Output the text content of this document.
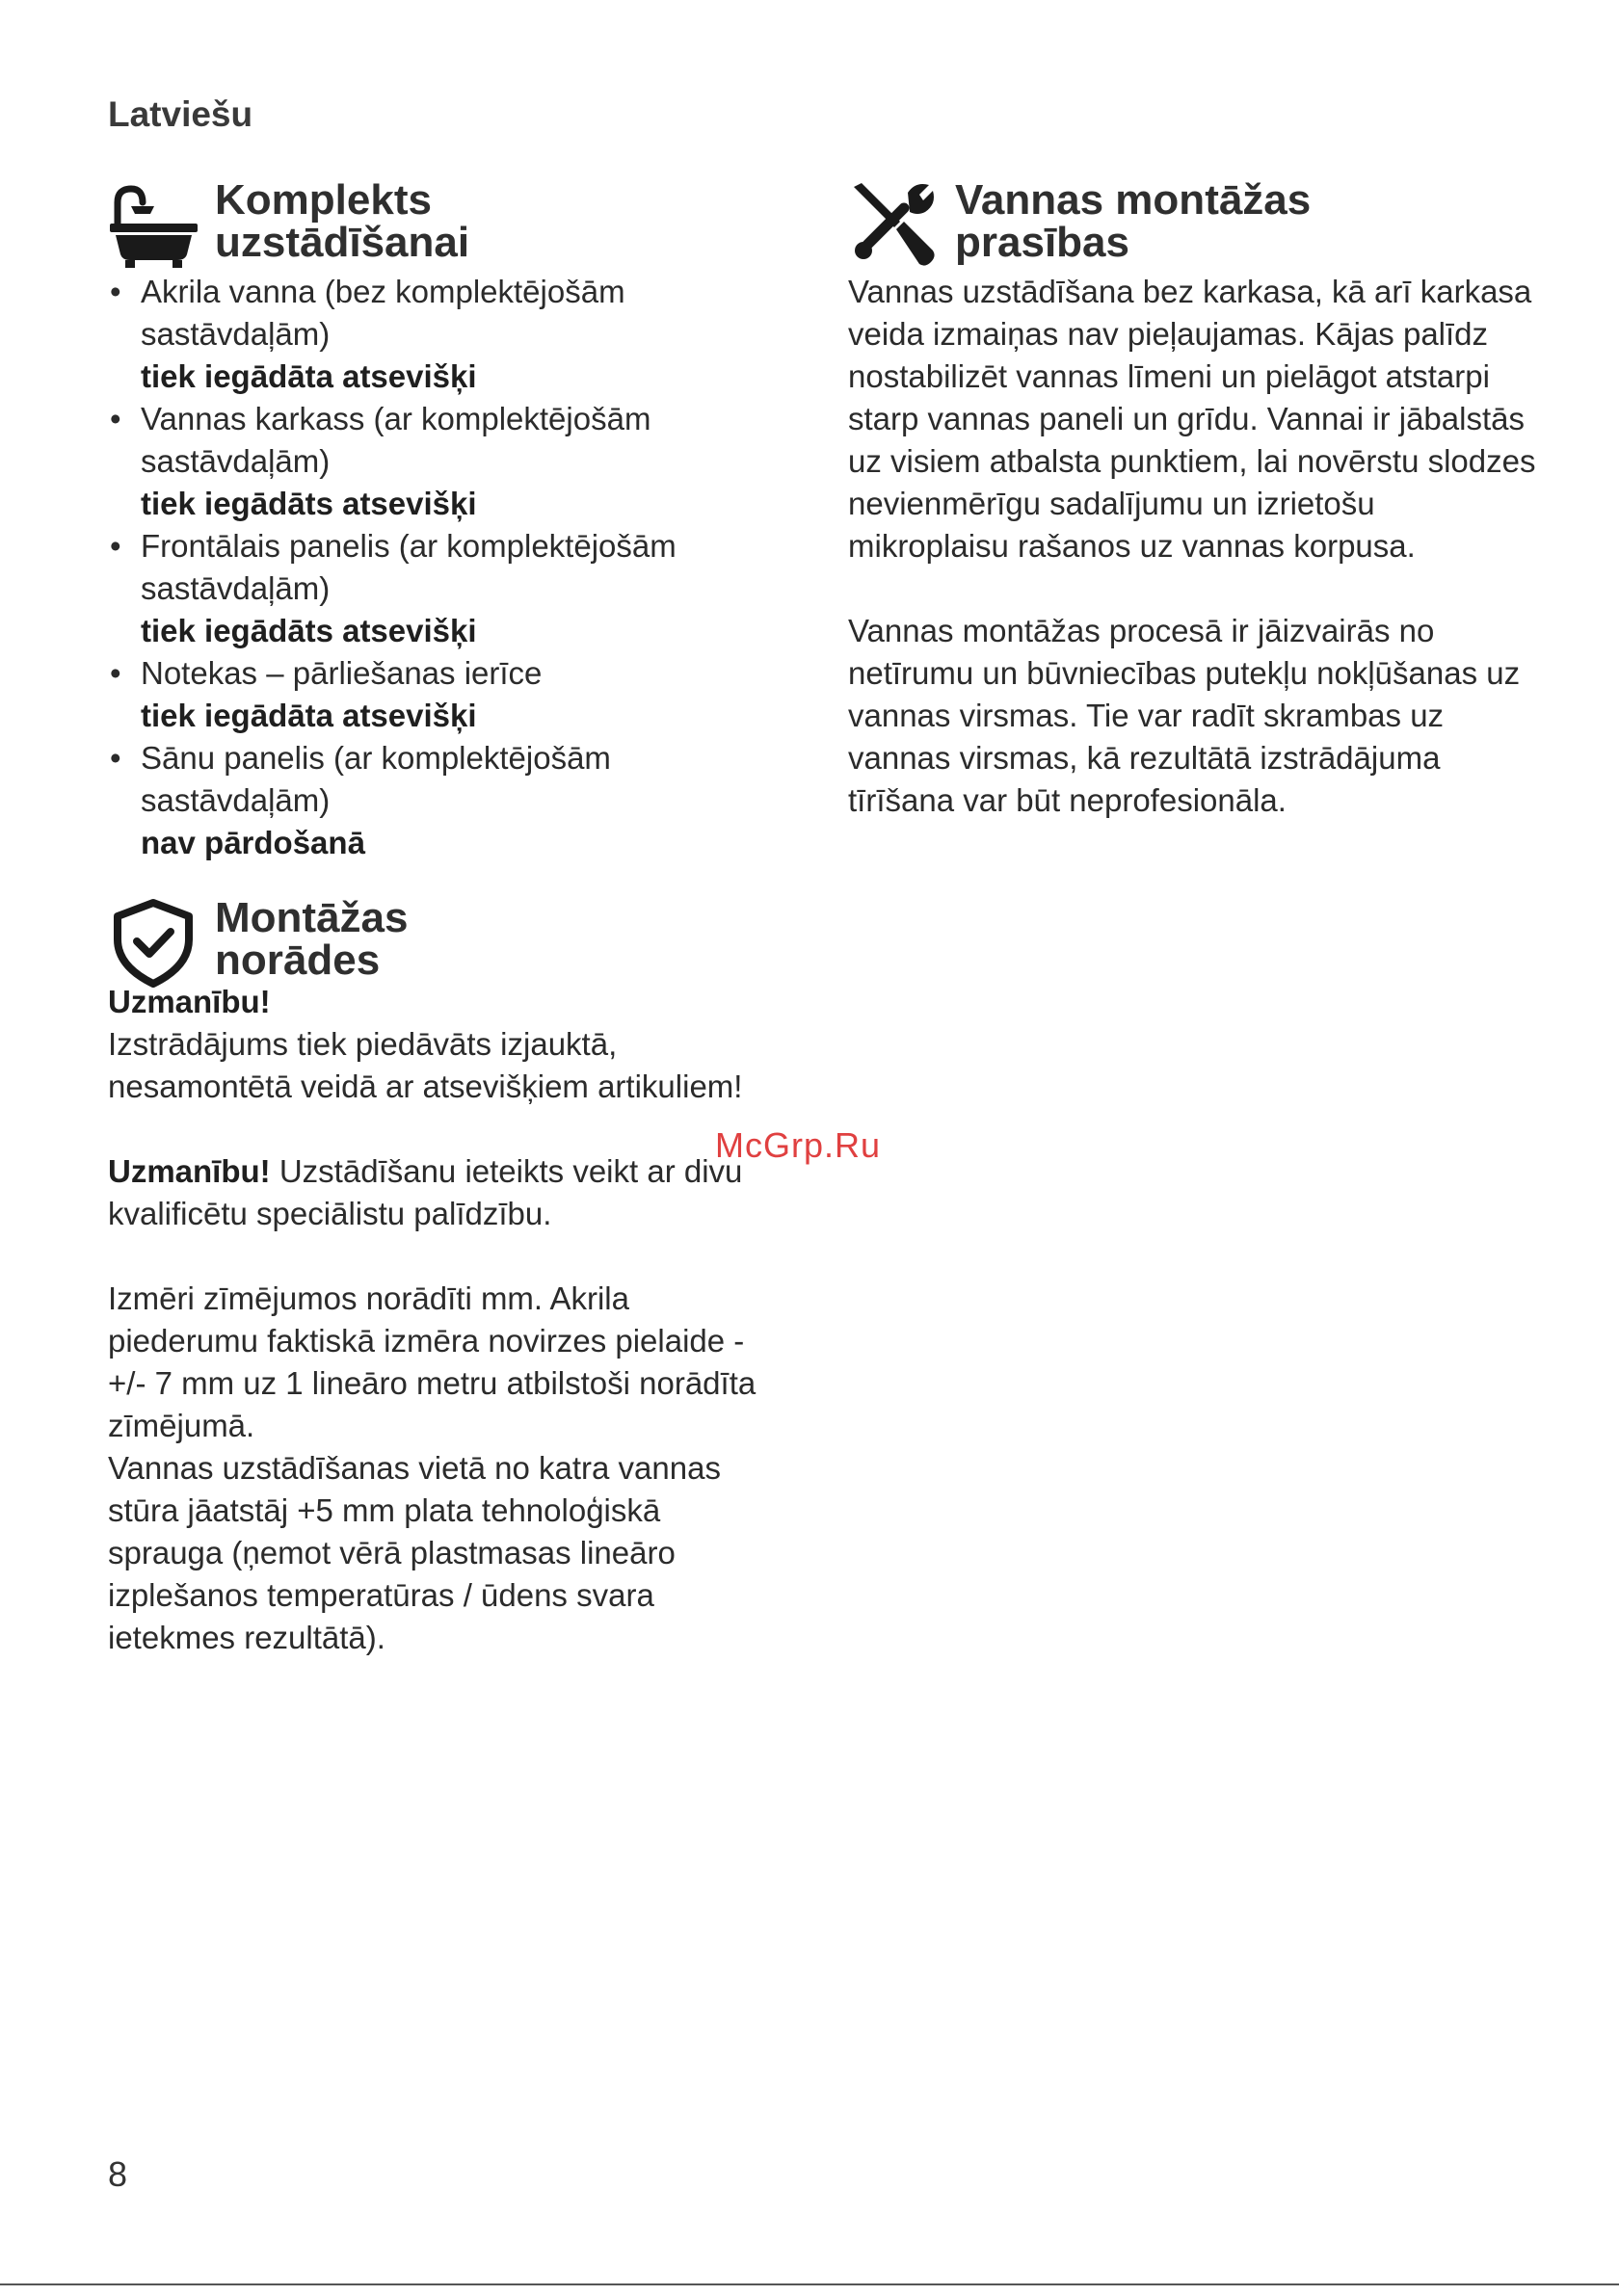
Latviešu
Komplekts
uzstādīšanai
• Akrila vanna (bez komplektējošām sastāvdaļām)
tiek iegādāta atsevišķi
• Vannas karkass (ar komplektējošām sastāvdaļām)
tiek iegādāts atsevišķi
• Frontālais panelis (ar komplektējošām sastāvdaļām)
tiek iegādāts atsevišķi
• Notekas – pārliešanas ierīce
tiek iegādāta atsevišķi
• Sānu panelis (ar komplektējošām sastāvdaļām)
nav pārdošanā
Montāžas
norādes

Uzmanību!
Izstrādājums tiek piedāvāts izjauktā, nesamontētā veidā ar atsevišķiem artikuliem!

Uzmanību! Uzstādīšanu ieteikts veikt ar divu kvalificētu speciālistu palīdzību.

Izmēri zīmējumos norādīti mm. Akrila piederumu faktiskā izmēra novirzes pielaide - +/- 7 mm uz 1 lineāro metru atbilstoši norādīta zīmējumā.

Vannas uzstādīšanas vietā no katra vannas stūra jāatstāj +5 mm plata tehnoloģiskā sprauga (ņemot vērā plastmasas lineāro izplešanos temperatūras / ūdens svara ietekmes rezultātā).

Vannas montāžas
prasības

Vannas uzstādīšana bez karkasa, kā arī karkasa veida izmaiņas nav pieļaujamas. Kājas palīdz nostabilizēt vannas līmeni un pielāgot atstarpi starp vannas paneli un grīdu. Vannai ir jābalstās uz visiem atbalsta punktiem, lai novērstu slodzes nevienmērīgu sadalījumu un izrietošu mikroplaisu rašanos uz vannas korpusa.

Vannas montāžas procesā ir jāizvairās no netīrumu un būvniecības putekļu nokļūšanas uz vannas virsmas. Tie var radīt skrambas uz vannas virsmas, kā rezultātā izstrādājuma tīrīšana var būt neprofesionāla.

McGrp.Ru
8
